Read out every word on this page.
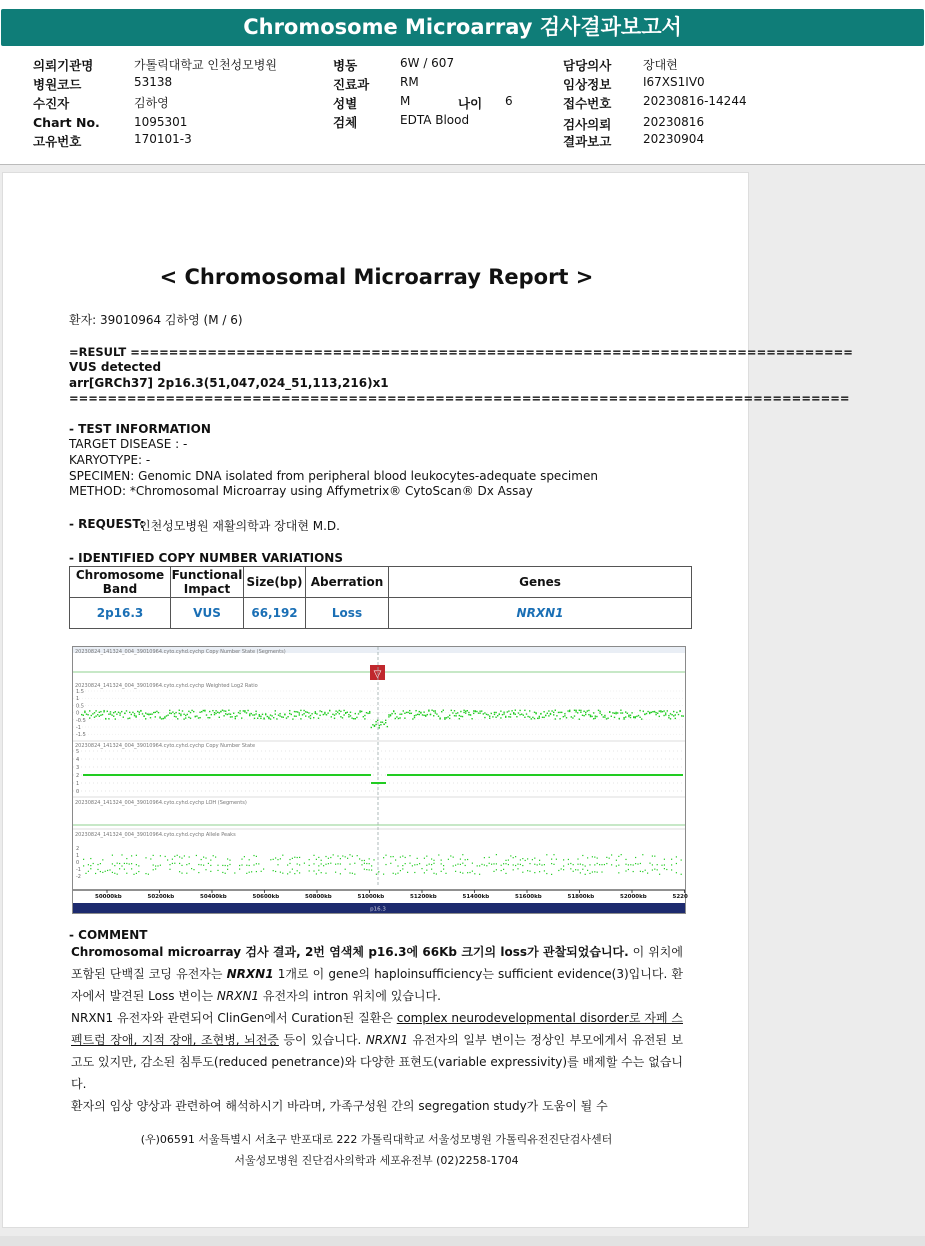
Chromosome Microarray 검사결과보고서
의뢰기관명	가톨릭대학교 인천성모병원
병원코드	53138
수진자	김하영
Chart No.	1095301
고유번호	170101-3
병동	6W / 607
진료과	RM
성별	M	나이 6
검체	EDTA Blood
담당의사	장대현
임상정보	I67XS1IV0
접수번호	20230816-14244
검사의뢰	20230816
결과보고	20230904
< Chromosomal Microarray Report >
환자: 39010964 김하영 (M / 6)
=RESULT ===========================================================================
VUS detected
arr[GRCh37] 2p16.3(51,047,024_51,113,216)x1
=================================================================================
- TEST INFORMATION
TARGET DISEASE : -
KARYOTYPE: -
SPECIMEN: Genomic DNA isolated from peripheral blood leukocytes-adequate specimen
METHOD: *Chromosomal Microarray using Affymetrix® CytoScan® Dx Assay
- REQUEST:
인천성모병원 재활의학과 장대현 M.D.
- IDENTIFIED COPY NUMBER VARIATIONS
Chromosome Band	Functional Impact	Size(bp)	Aberration	Genes
2p16.3	VUS	66,192	Loss	NRXN1
▽
20230824_141324_004_39010964.cyto.cyhd.cychp Copy Number State (Segments)
20230824_141324_004_39010964.cyto.cyhd.cychp Weighted Log2 Ratio
20230824_141324_004_39010964.cyto.cyhd.cychp Copy Number State
20230824_141324_004_39010964.cyto.cyhd.cychp LOH (Segments)
20230824_141324_004_39010964.cyto.cyhd.cychp Allele Peaks
1.5
1
0.5
0
-0.5
-1
-1.5
5
4
3
2
1
0
2
1
0
-1
-2
50000kb	50200kb	50400kb	50600kb	50800kb	51000kb	51200kb	51400kb	51600kb	51800kb	52000kb	5220
p16.3
- COMMENT
Chromosomal microarray 검사 결과, 2번 염색체 p16.3에 66Kb 크기의 loss가 관찰되었습니다. 이 위치에 포함된 단백질 코딩 유전자는 NRXN1 1개로 이 gene의 haploinsufficiency는 sufficient evidence(3)입니다. 환자에서 발견된 Loss 변이는 NRXN1 유전자의 intron 위치에 있습니다.
NRXN1 유전자와 관련되어 ClinGen에서 Curation된 질환은 complex neurodevelopmental disorder로 자페 스펙트럼 장애, 지적 장애, 조현병, 뇌전증 등이 있습니다. NRXN1 유전자의 일부 변이는 정상인 부모에게서 유전된 보고도 있지만, 감소된 침투도(reduced penetrance)와 다양한 표현도(variable expressivity)를 배제할 수는 없습니다.
환자의 임상 양상과 관련하여 해석하시기 바라며, 가족구성원 간의 segregation study가 도움이 될 수
(우)06591 서울특별시 서초구 반포대로 222 가톨릭대학교 서울성모병원 가톨릭유전진단검사센터
서울성모병원 진단검사의학과 세포유전부 (02)2258-1704
